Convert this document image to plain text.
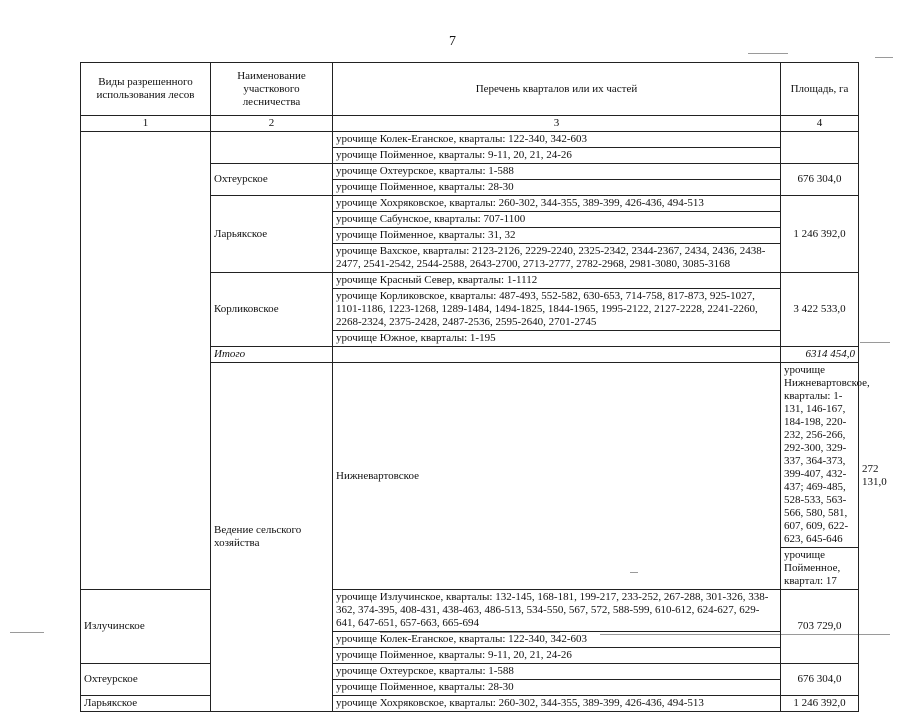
7
Виды разрешенного использования лесов	Наименование участкового лесничества	Перечень кварталов или их частей	Площадь, га	
1	2	3	4	
		урочище Колек-Еганское, кварталы: 122-340, 342-603		
		урочище Пойменное, кварталы: 9-11, 20, 21, 24-26		
	Охтеурское	урочище Охтеурское, кварталы: 1-588	676 304,0	
		урочище Пойменное, кварталы: 28-30		
	Ларьякское	урочище Хохряковское, кварталы: 260-302, 344-355, 389-399, 426-436, 494-513	1 246 392,0	
		урочище Сабунское, кварталы: 707-1100		
		урочище Пойменное, кварталы: 31, 32		
		урочище Вахское, кварталы: 2123-2126, 2229-2240, 2325-2342, 2344-2367, 2434, 2436, 2438-2477, 2541-2542, 2544-2588, 2643-2700, 2713-2777, 2782-2968, 2981-3080, 3085-3168		
	Корликовское	урочище Красный Север, кварталы: 1-1112	3 422 533,0	
		урочище Корликовское, кварталы: 487-493, 552-582, 630-653, 714-758, 817-873, 925-1027, 1101-1186, 1223-1268, 1289-1484, 1494-1825, 1844-1965, 1995-2122, 2127-2228, 2241-2260, 2268-2324, 2375-2428, 2487-2536, 2595-2640, 2701-2745		
		урочище Южное, кварталы: 1-195		
	Итого		6314 454,0	
	Ведение сельского хозяйства	Нижневартовское	урочище Нижневартовское, кварталы: 1-131, 146-167, 184-198, 220-232, 256-266, 292-300, 329-337, 364-373, 399-407, 432-437; 469-485, 528-533, 563-566, 580, 581, 607, 609, 622-623, 645-646	272 131,0
			урочище Пойменное, квартал: 17	
Излучинское		урочище Излучинское, кварталы: 132-145, 168-181, 199-217, 233-252, 267-288, 301-326, 338-362, 374-395, 408-431, 438-463, 486-513, 534-550, 567, 572, 588-599, 610-612, 624-627, 629-641, 647-651, 657-663, 665-694	703 729,0	
		урочище Колек-Еганское, кварталы: 122-340, 342-603		
		урочище Пойменное, кварталы: 9-11, 20, 21, 24-26		
Охтеурское		урочище Охтеурское, кварталы: 1-588	676 304,0	
		урочище Пойменное, кварталы: 28-30		
Ларьякское		урочище Хохряковское, кварталы: 260-302, 344-355, 389-399, 426-436, 494-513	1 246 392,0	
